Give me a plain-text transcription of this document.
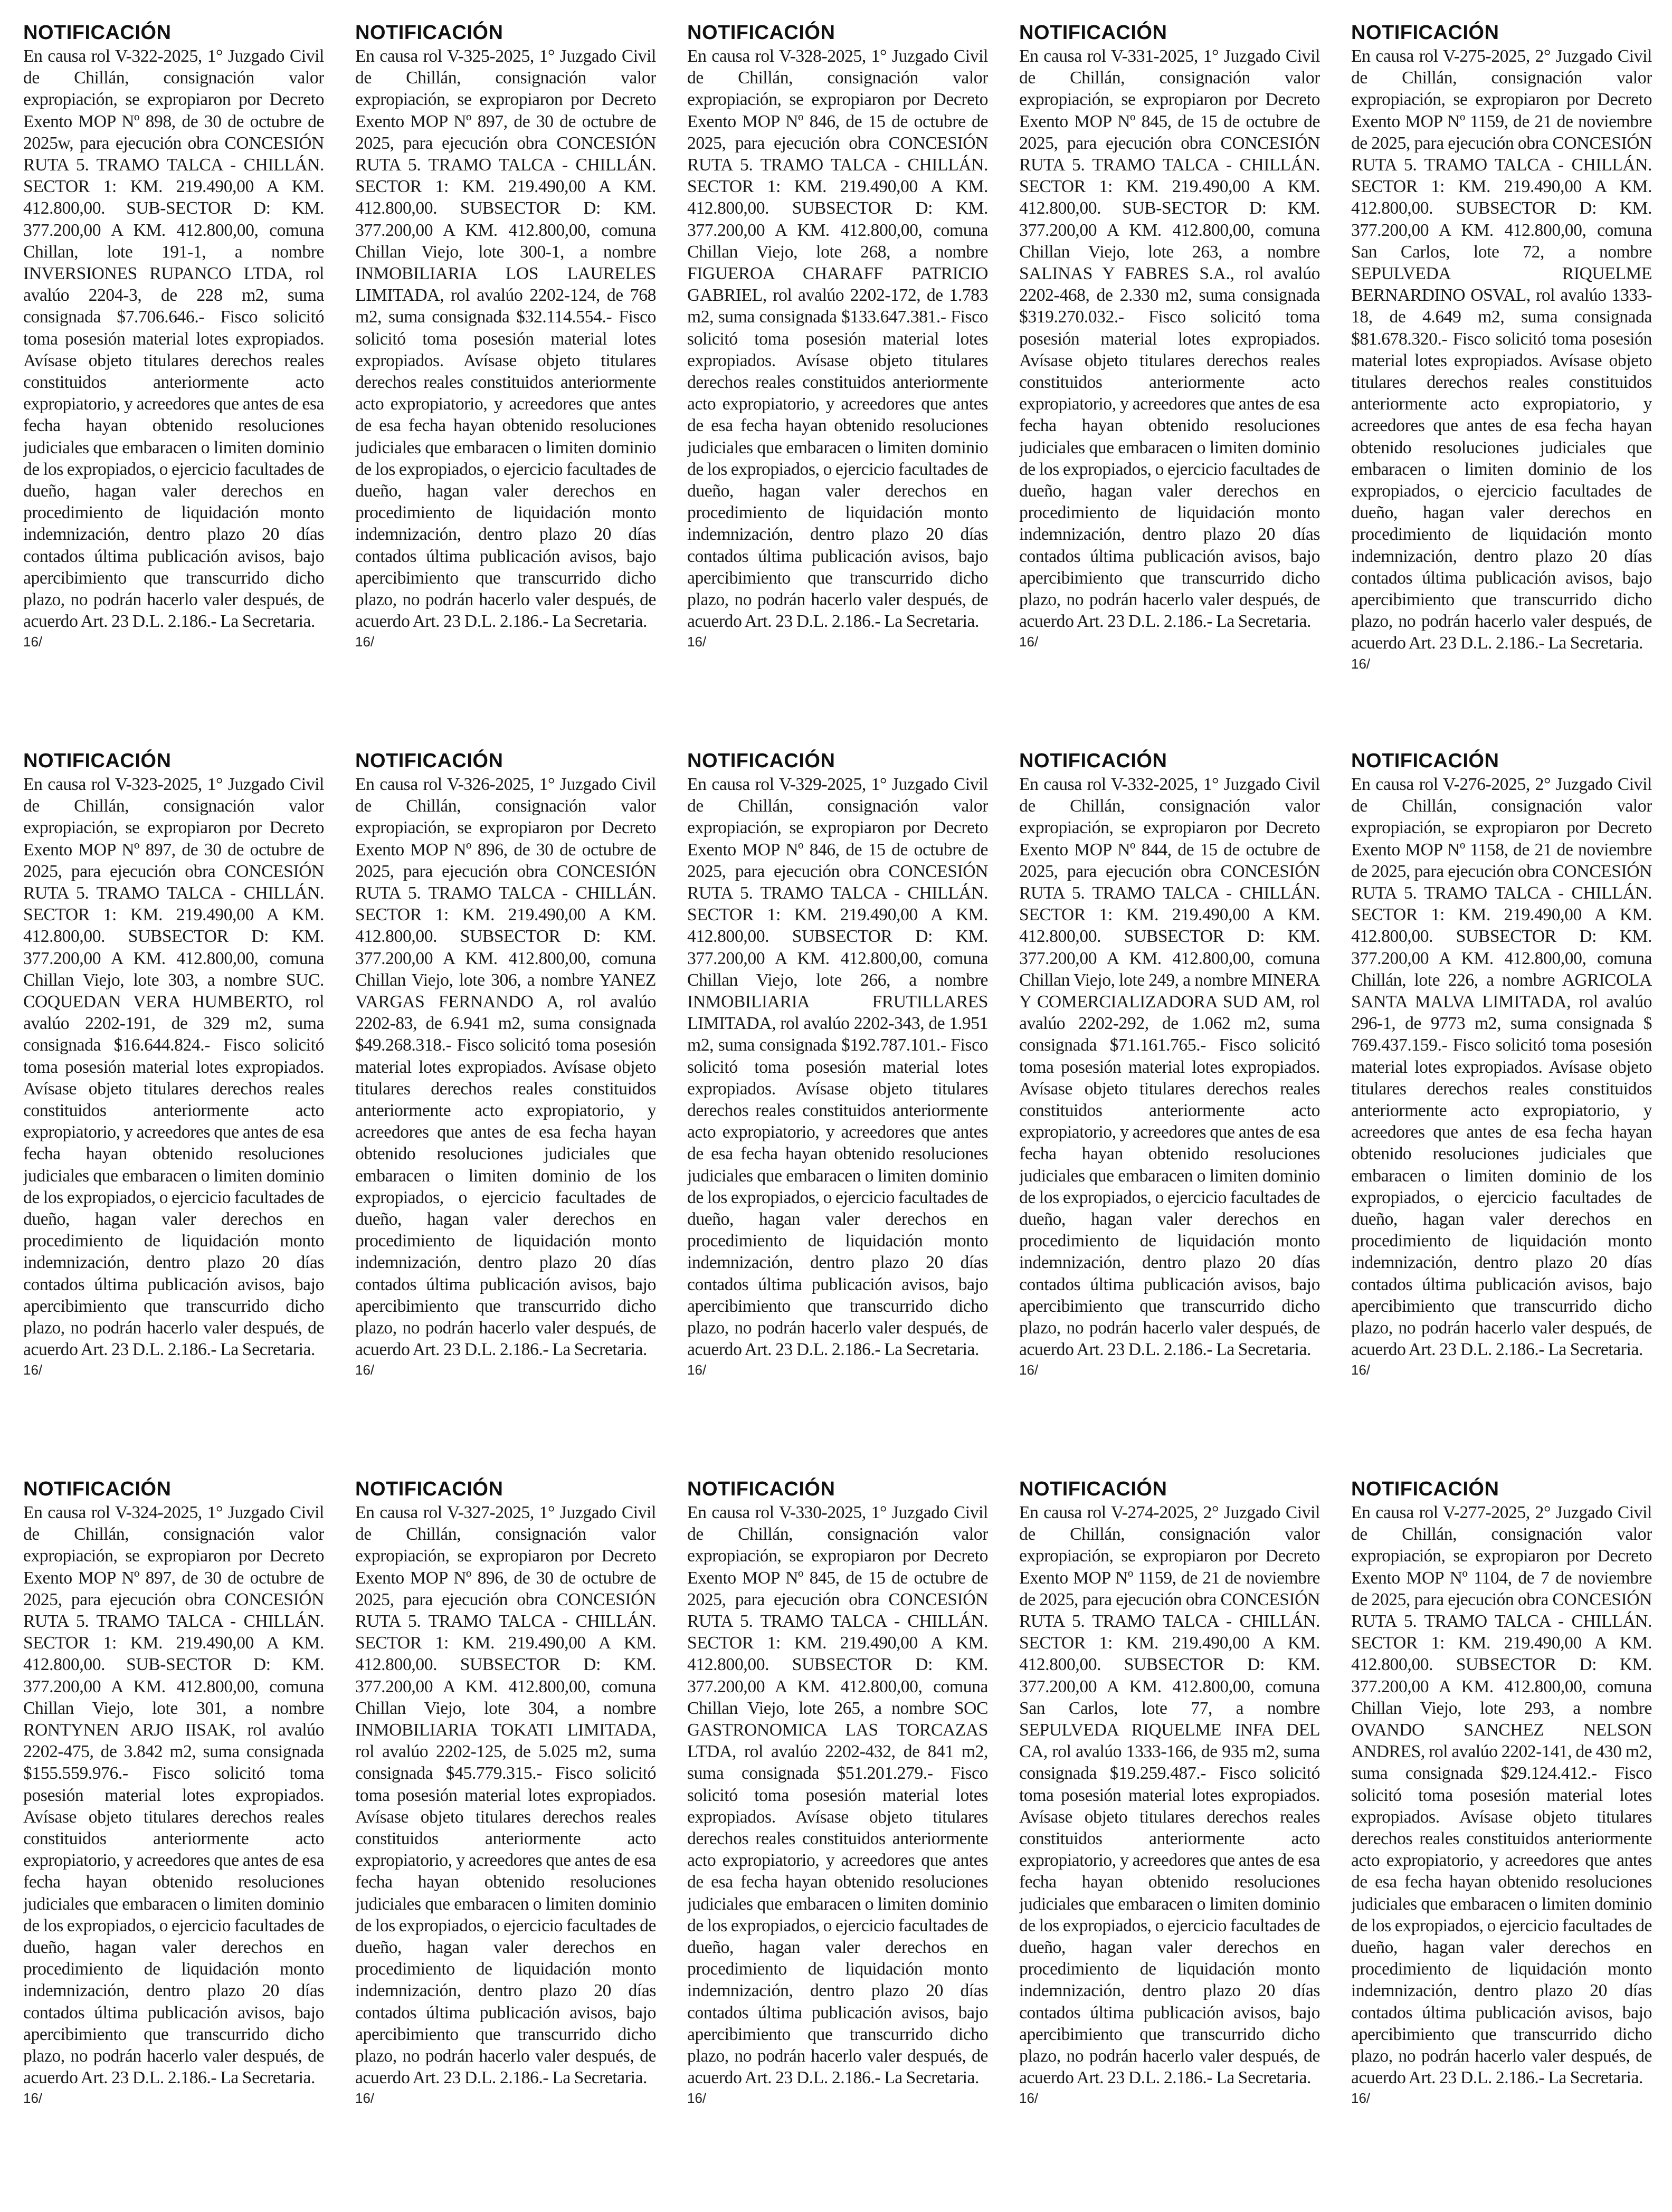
NOTIFICACIÓN

En causa rol V-322-2025, 1° Juzgado Civil de Chillán, consignación valor expropiación, se expropiaron por Decreto Exento MOP Nº 898, de 30 de octubre de 2025w, para ejecución obra CONCESIÓN RUTA 5. TRAMO TALCA - CHILLÁN. SECTOR 1: KM. 219.490,00 A KM. 412.800,00. SUB-SECTOR D: KM. 377.200,00 A KM. 412.800,00, comuna Chillan, lote 191-1, a nombre INVERSIONES RUPANCO LTDA, rol avalúo 2204-3, de 228 m2, suma consignada $7.706.646.- Fisco solicitó toma posesión material lotes expropiados. Avísase objeto titulares derechos reales constituidos anteriormente acto expropiatorio, y acreedores que antes de esa fecha hayan obtenido resoluciones judiciales que embaracen o limiten dominio de los expropiados, o ejercicio facultades de dueño, hagan valer derechos en procedimiento de liquidación monto indemnización, dentro plazo 20 días contados última publicación avisos, bajo apercibimiento que transcurrido dicho plazo, no podrán hacerlo valer después, de acuerdo Art. 23 D.L. 2.186.- La Secretaria.

16/

NOTIFICACIÓN

En causa rol V-325-2025, 1° Juzgado Civil de Chillán, consignación valor expropiación, se expropiaron por Decreto Exento MOP Nº 897, de 30 de octubre de 2025, para ejecución obra CONCESIÓN RUTA 5. TRAMO TALCA - CHILLÁN. SECTOR 1: KM. 219.490,00 A KM. 412.800,00. SUBSECTOR D: KM. 377.200,00 A KM. 412.800,00, comuna Chillan Viejo, lote 300-1, a nombre INMOBILIARIA LOS LAURELES LIMITADA, rol avalúo 2202-124, de 768 m2, suma consignada $32.114.554.- Fisco solicitó toma posesión material lotes expropiados. Avísase objeto titulares derechos reales constituidos anteriormente acto expropiatorio, y acreedores que antes de esa fecha hayan obtenido resoluciones judiciales que embaracen o limiten dominio de los expropiados, o ejercicio facultades de dueño, hagan valer derechos en procedimiento de liquidación monto indemnización, dentro plazo 20 días contados última publicación avisos, bajo apercibimiento que transcurrido dicho plazo, no podrán hacerlo valer después, de acuerdo Art. 23 D.L. 2.186.- La Secretaria.

16/

NOTIFICACIÓN

En causa rol V-328-2025, 1° Juzgado Civil de Chillán, consignación valor expropiación, se expropiaron por Decreto Exento MOP Nº 846, de 15 de octubre de 2025, para ejecución obra CONCESIÓN RUTA 5. TRAMO TALCA - CHILLÁN. SECTOR 1: KM. 219.490,00 A KM. 412.800,00. SUBSECTOR D: KM. 377.200,00 A KM. 412.800,00, comuna Chillan Viejo, lote 268, a nombre FIGUEROA CHARAFF PATRICIO GABRIEL, rol avalúo 2202-172, de 1.783 m2, suma consignada $133.647.381.- Fisco solicitó toma posesión material lotes expropiados. Avísase objeto titulares derechos reales constituidos anteriormente acto expropiatorio, y acreedores que antes de esa fecha hayan obtenido resoluciones judiciales que embaracen o limiten dominio de los expropiados, o ejercicio facultades de dueño, hagan valer derechos en procedimiento de liquidación monto indemnización, dentro plazo 20 días contados última publicación avisos, bajo apercibimiento que transcurrido dicho plazo, no podrán hacerlo valer después, de acuerdo Art. 23 D.L. 2.186.- La Secretaria.

16/

NOTIFICACIÓN

En causa rol V-331-2025, 1° Juzgado Civil de Chillán, consignación valor expropiación, se expropiaron por Decreto Exento MOP Nº 845, de 15 de octubre de 2025, para ejecución obra CONCESIÓN RUTA 5. TRAMO TALCA - CHILLÁN. SECTOR 1: KM. 219.490,00 A KM. 412.800,00. SUB-SECTOR D: KM. 377.200,00 A KM. 412.800,00, comuna Chillan Viejo, lote 263, a nombre SALINAS Y FABRES S.A., rol avalúo 2202-468, de 2.330 m2, suma consignada $319.270.032.- Fisco solicitó toma posesión material lotes expropiados. Avísase objeto titulares derechos reales constituidos anteriormente acto expropiatorio, y acreedores que antes de esa fecha hayan obtenido resoluciones judiciales que embaracen o limiten dominio de los expropiados, o ejercicio facultades de dueño, hagan valer derechos en procedimiento de liquidación monto indemnización, dentro plazo 20 días contados última publicación avisos, bajo apercibimiento que transcurrido dicho plazo, no podrán hacerlo valer después, de acuerdo Art. 23 D.L. 2.186.- La Secretaria.

16/

NOTIFICACIÓN

En causa rol V-275-2025, 2° Juzgado Civil de Chillán, consignación valor expropiación, se expropiaron por Decreto Exento MOP Nº 1159, de 21 de noviembre de 2025, para ejecución obra CONCESIÓN RUTA 5. TRAMO TALCA - CHILLÁN. SECTOR 1: KM. 219.490,00 A KM. 412.800,00. SUBSECTOR D: KM. 377.200,00 A KM. 412.800,00, comuna San Carlos, lote 72, a nombre SEPULVEDA RIQUELME BERNARDINO OSVAL, rol avalúo 1333-18, de 4.649 m2, suma consignada $81.678.320.- Fisco solicitó toma posesión material lotes expropiados. Avísase objeto titulares derechos reales constituidos anteriormente acto expropiatorio, y acreedores que antes de esa fecha hayan obtenido resoluciones judiciales que embaracen o limiten dominio de los expropiados, o ejercicio facultades de dueño, hagan valer derechos en procedimiento de liquidación monto indemnización, dentro plazo 20 días contados última publicación avisos, bajo apercibimiento que transcurrido dicho plazo, no podrán hacerlo valer después, de acuerdo Art. 23 D.L. 2.186.- La Secretaria.

16/

NOTIFICACIÓN

En causa rol V-323-2025, 1° Juzgado Civil de Chillán, consignación valor expropiación, se expropiaron por Decreto Exento MOP Nº 897, de 30 de octubre de 2025, para ejecución obra CONCESIÓN RUTA 5. TRAMO TALCA - CHILLÁN. SECTOR 1: KM. 219.490,00 A KM. 412.800,00. SUBSECTOR D: KM. 377.200,00 A KM. 412.800,00, comuna Chillan Viejo, lote 303, a nombre SUC. COQUEDAN VERA HUMBERTO, rol avalúo 2202-191, de 329 m2, suma consignada $16.644.824.- Fisco solicitó toma posesión material lotes expropiados. Avísase objeto titulares derechos reales constituidos anteriormente acto expropiatorio, y acreedores que antes de esa fecha hayan obtenido resoluciones judiciales que embaracen o limiten dominio de los expropiados, o ejercicio facultades de dueño, hagan valer derechos en procedimiento de liquidación monto indemnización, dentro plazo 20 días contados última publicación avisos, bajo apercibimiento que transcurrido dicho plazo, no podrán hacerlo valer después, de acuerdo Art. 23 D.L. 2.186.- La Secretaria.

16/

NOTIFICACIÓN

En causa rol V-326-2025, 1° Juzgado Civil de Chillán, consignación valor expropiación, se expropiaron por Decreto Exento MOP Nº 896, de 30 de octubre de 2025, para ejecución obra CONCESIÓN RUTA 5. TRAMO TALCA - CHILLÁN. SECTOR 1: KM. 219.490,00 A KM. 412.800,00. SUBSECTOR D: KM. 377.200,00 A KM. 412.800,00, comuna Chillan Viejo, lote 306, a nombre YANEZ VARGAS FERNANDO A, rol avalúo 2202-83, de 6.941 m2, suma consignada $49.268.318.- Fisco solicitó toma posesión material lotes expropiados. Avísase objeto titulares derechos reales constituidos anteriormente acto expropiatorio, y acreedores que antes de esa fecha hayan obtenido resoluciones judiciales que embaracen o limiten dominio de los expropiados, o ejercicio facultades de dueño, hagan valer derechos en procedimiento de liquidación monto indemnización, dentro plazo 20 días contados última publicación avisos, bajo apercibimiento que transcurrido dicho plazo, no podrán hacerlo valer después, de acuerdo Art. 23 D.L. 2.186.- La Secretaria.

16/

NOTIFICACIÓN

En causa rol V-329-2025, 1° Juzgado Civil de Chillán, consignación valor expropiación, se expropiaron por Decreto Exento MOP Nº 846, de 15 de octubre de 2025, para ejecución obra CONCESIÓN RUTA 5. TRAMO TALCA - CHILLÁN. SECTOR 1: KM. 219.490,00 A KM. 412.800,00. SUBSECTOR D: KM. 377.200,00 A KM. 412.800,00, comuna Chillan Viejo, lote 266, a nombre INMOBILIARIA FRUTILLARES LIMITADA, rol avalúo 2202-343, de 1.951 m2, suma consignada $192.787.101.- Fisco solicitó toma posesión material lotes expropiados. Avísase objeto titulares derechos reales constituidos anteriormente acto expropiatorio, y acreedores que antes de esa fecha hayan obtenido resoluciones judiciales que embaracen o limiten dominio de los expropiados, o ejercicio facultades de dueño, hagan valer derechos en procedimiento de liquidación monto indemnización, dentro plazo 20 días contados última publicación avisos, bajo apercibimiento que transcurrido dicho plazo, no podrán hacerlo valer después, de acuerdo Art. 23 D.L. 2.186.- La Secretaria.

16/

NOTIFICACIÓN

En causa rol V-332-2025, 1° Juzgado Civil de Chillán, consignación valor expropiación, se expropiaron por Decreto Exento MOP Nº 844, de 15 de octubre de 2025, para ejecución obra CONCESIÓN RUTA 5. TRAMO TALCA - CHILLÁN. SECTOR 1: KM. 219.490,00 A KM. 412.800,00. SUBSECTOR D: KM. 377.200,00 A KM. 412.800,00, comuna Chillan Viejo, lote 249, a nombre MINERA Y COMERCIALIZADORA SUD AM, rol avalúo 2202-292, de 1.062 m2, suma consignada $71.161.765.- Fisco solicitó toma posesión material lotes expropiados. Avísase objeto titulares derechos reales constituidos anteriormente acto expropiatorio, y acreedores que antes de esa fecha hayan obtenido resoluciones judiciales que embaracen o limiten dominio de los expropiados, o ejercicio facultades de dueño, hagan valer derechos en procedimiento de liquidación monto indemnización, dentro plazo 20 días contados última publicación avisos, bajo apercibimiento que transcurrido dicho plazo, no podrán hacerlo valer después, de acuerdo Art. 23 D.L. 2.186.- La Secretaria.

16/

NOTIFICACIÓN

En causa rol V-276-2025, 2° Juzgado Civil de Chillán, consignación valor expropiación, se expropiaron por Decreto Exento MOP Nº 1158, de 21 de noviembre de 2025, para ejecución obra CONCESIÓN RUTA 5. TRAMO TALCA - CHILLÁN. SECTOR 1: KM. 219.490,00 A KM. 412.800,00. SUBSECTOR D: KM. 377.200,00 A KM. 412.800,00, comuna Chillán, lote 226, a nombre AGRICOLA SANTA MALVA LIMITADA, rol avalúo 296-1, de 9773 m2, suma consignada $ 769.437.159.- Fisco solicitó toma posesión material lotes expropiados. Avísase objeto titulares derechos reales constituidos anteriormente acto expropiatorio, y acreedores que antes de esa fecha hayan obtenido resoluciones judiciales que embaracen o limiten dominio de los expropiados, o ejercicio facultades de dueño, hagan valer derechos en procedimiento de liquidación monto indemnización, dentro plazo 20 días contados última publicación avisos, bajo apercibimiento que transcurrido dicho plazo, no podrán hacerlo valer después, de acuerdo Art. 23 D.L. 2.186.- La Secretaria.

16/

NOTIFICACIÓN

En causa rol V-324-2025, 1° Juzgado Civil de Chillán, consignación valor expropiación, se expropiaron por Decreto Exento MOP Nº 897, de 30 de octubre de 2025, para ejecución obra CONCESIÓN RUTA 5. TRAMO TALCA - CHILLÁN. SECTOR 1: KM. 219.490,00 A KM. 412.800,00. SUB-SECTOR D: KM. 377.200,00 A KM. 412.800,00, comuna Chillan Viejo, lote 301, a nombre RONTYNEN ARJO IISAK, rol avalúo 2202-475, de 3.842 m2, suma consignada $155.559.976.- Fisco solicitó toma posesión material lotes expropiados. Avísase objeto titulares derechos reales constituidos anteriormente acto expropiatorio, y acreedores que antes de esa fecha hayan obtenido resoluciones judiciales que embaracen o limiten dominio de los expropiados, o ejercicio facultades de dueño, hagan valer derechos en procedimiento de liquidación monto indemnización, dentro plazo 20 días contados última publicación avisos, bajo apercibimiento que transcurrido dicho plazo, no podrán hacerlo valer después, de acuerdo Art. 23 D.L. 2.186.- La Secretaria.

16/

NOTIFICACIÓN

En causa rol V-327-2025, 1° Juzgado Civil de Chillán, consignación valor expropiación, se expropiaron por Decreto Exento MOP Nº 896, de 30 de octubre de 2025, para ejecución obra CONCESIÓN RUTA 5. TRAMO TALCA - CHILLÁN. SECTOR 1: KM. 219.490,00 A KM. 412.800,00. SUBSECTOR D: KM. 377.200,00 A KM. 412.800,00, comuna Chillan Viejo, lote 304, a nombre INMOBILIARIA TOKATI LIMITADA, rol avalúo 2202-125, de 5.025 m2, suma consignada $45.779.315.- Fisco solicitó toma posesión material lotes expropiados. Avísase objeto titulares derechos reales constituidos anteriormente acto expropiatorio, y acreedores que antes de esa fecha hayan obtenido resoluciones judiciales que embaracen o limiten dominio de los expropiados, o ejercicio facultades de dueño, hagan valer derechos en procedimiento de liquidación monto indemnización, dentro plazo 20 días contados última publicación avisos, bajo apercibimiento que transcurrido dicho plazo, no podrán hacerlo valer después, de acuerdo Art. 23 D.L. 2.186.- La Secretaria.

16/

NOTIFICACIÓN

En causa rol V-330-2025, 1° Juzgado Civil de Chillán, consignación valor expropiación, se expropiaron por Decreto Exento MOP Nº 845, de 15 de octubre de 2025, para ejecución obra CONCESIÓN RUTA 5. TRAMO TALCA - CHILLÁN. SECTOR 1: KM. 219.490,00 A KM. 412.800,00. SUBSECTOR D: KM. 377.200,00 A KM. 412.800,00, comuna Chillan Viejo, lote 265, a nombre SOC GASTRONOMICA LAS TORCAZAS LTDA, rol avalúo 2202-432, de 841 m2, suma consignada $51.201.279.- Fisco solicitó toma posesión material lotes expropiados. Avísase objeto titulares derechos reales constituidos anteriormente acto expropiatorio, y acreedores que antes de esa fecha hayan obtenido resoluciones judiciales que embaracen o limiten dominio de los expropiados, o ejercicio facultades de dueño, hagan valer derechos en procedimiento de liquidación monto indemnización, dentro plazo 20 días contados última publicación avisos, bajo apercibimiento que transcurrido dicho plazo, no podrán hacerlo valer después, de acuerdo Art. 23 D.L. 2.186.- La Secretaria.

16/

NOTIFICACIÓN

En causa rol V-274-2025, 2° Juzgado Civil de Chillán, consignación valor expropiación, se expropiaron por Decreto Exento MOP Nº 1159, de 21 de noviembre de 2025, para ejecución obra CONCESIÓN RUTA 5. TRAMO TALCA - CHILLÁN. SECTOR 1: KM. 219.490,00 A KM. 412.800,00. SUBSECTOR D: KM. 377.200,00 A KM. 412.800,00, comuna San Carlos, lote 77, a nombre SEPULVEDA RIQUELME INFA DEL CA, rol avalúo 1333-166, de 935 m2, suma consignada $19.259.487.- Fisco solicitó toma posesión material lotes expropiados. Avísase objeto titulares derechos reales constituidos anteriormente acto expropiatorio, y acreedores que antes de esa fecha hayan obtenido resoluciones judiciales que embaracen o limiten dominio de los expropiados, o ejercicio facultades de dueño, hagan valer derechos en procedimiento de liquidación monto indemnización, dentro plazo 20 días contados última publicación avisos, bajo apercibimiento que transcurrido dicho plazo, no podrán hacerlo valer después, de acuerdo Art. 23 D.L. 2.186.- La Secretaria.

16/

NOTIFICACIÓN

En causa rol V-277-2025, 2° Juzgado Civil de Chillán, consignación valor expropiación, se expropiaron por Decreto Exento MOP Nº 1104, de 7 de noviembre de 2025, para ejecución obra CONCESIÓN RUTA 5. TRAMO TALCA - CHILLÁN. SECTOR 1: KM. 219.490,00 A KM. 412.800,00. SUBSECTOR D: KM. 377.200,00 A KM. 412.800,00, comuna Chillan Viejo, lote 293, a nombre OVANDO SANCHEZ NELSON ANDRES, rol avalúo 2202-141, de 430 m2, suma consignada $29.124.412.- Fisco solicitó toma posesión material lotes expropiados. Avísase objeto titulares derechos reales constituidos anteriormente acto expropiatorio, y acreedores que antes de esa fecha hayan obtenido resoluciones judiciales que embaracen o limiten dominio de los expropiados, o ejercicio facultades de dueño, hagan valer derechos en procedimiento de liquidación monto indemnización, dentro plazo 20 días contados última publicación avisos, bajo apercibimiento que transcurrido dicho plazo, no podrán hacerlo valer después, de acuerdo Art. 23 D.L. 2.186.- La Secretaria.

16/
